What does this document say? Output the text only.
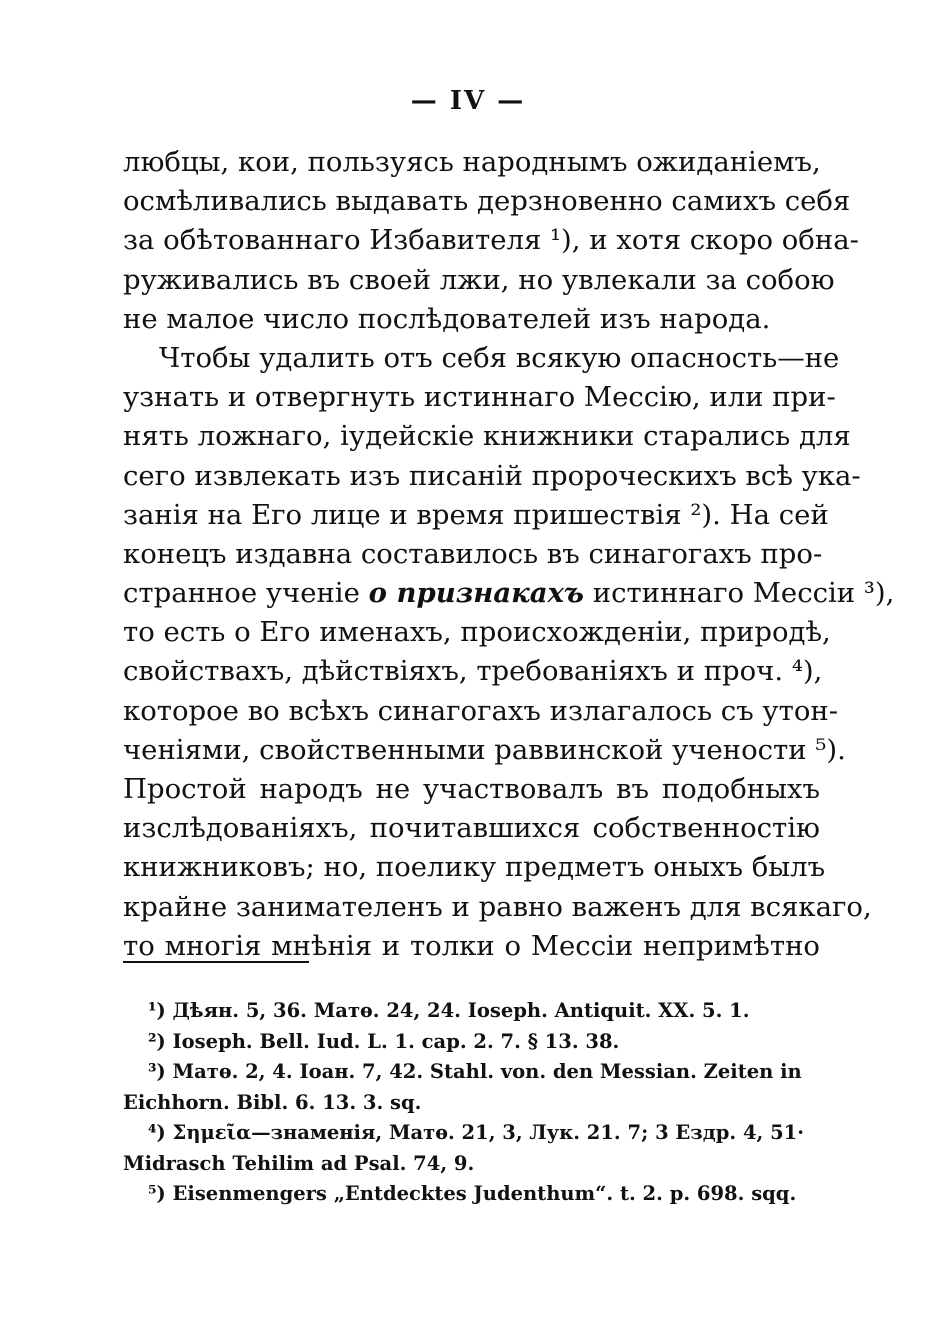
— IV —
любцы, кои, пользуясь народнымъ ожиданіемъ,
осмѣливались выдавать дерзновенно самихъ себя
за обѣтованнаго Избавителя ¹), и хотя скоро обна-
руживались въ своей лжи, но увлекали за собою
не малое число послѣдователей изъ народа.
Чтобы удалить отъ себя всякую опасность—не
узнать и отвергнуть истиннаго Мессію, или при-
нять ложнаго, іудейскіе книжники старались для
сего извлекать изъ писаній пророческихъ всѣ ука-
занія на Его лице и время пришествія ²). На сей
конецъ издавна составилось въ синагогахъ про-
странное ученіе о признакахъ истиннаго Мессіи ³),
то есть о Его именахъ, происхожденіи, природѣ,
свойствахъ, дѣйствіяхъ, требованіяхъ и проч. ⁴),
которое во всѣхъ синагогахъ излагалось съ утон-
ченіями, свойственными раввинской учености ⁵).
Простой народъ не участвовалъ въ подобныхъ
изслѣдованіяхъ, почитавшихся собственностію
книжниковъ; но, поелику предметъ оныхъ былъ
крайне занимателенъ и равно важенъ для всякаго,
то многія мнѣнія и толки о Мессіи непримѣтно
¹) Дѣян. 5, 36. Матѳ. 24, 24. Ioseph. Antiquit. XX. 5. 1.
²) Ioseph. Bell. Iud. L. 1. cap. 2. 7. § 13. 38.
³) Матѳ. 2, 4. Іоан. 7, 42. Stahl. von. den Messian. Zeiten in
Eichhorn. Bibl. 6. 13. 3. sq.
⁴) Σημεῖα—знаменія, Матѳ. 21, 3, Лук. 21. 7; 3 Ездр. 4, 51·
Midrasch Tehilim ad Psal. 74, 9.
⁵) Eisenmengers „Entdecktes Judenthum“. t. 2. p. 698. sqq.
